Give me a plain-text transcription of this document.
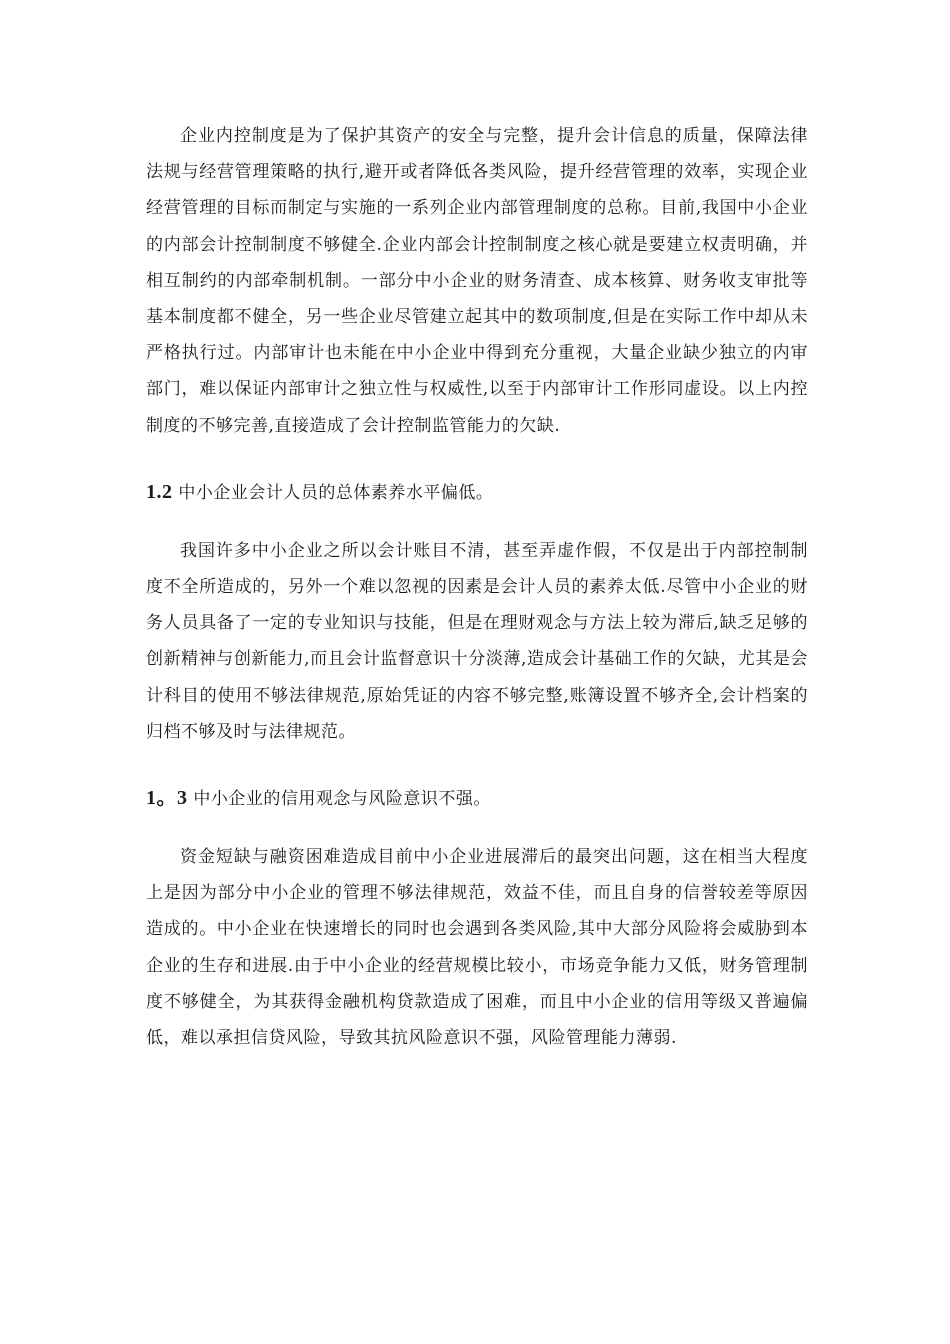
企业内控制度是为了保护其资产的安全与完整，提升会计信息的质量，保障法律法规与经营管理策略的执行,避开或者降低各类风险，提升经营管理的效率，实现企业经营管理的目标而制定与实施的一系列企业内部管理制度的总称。目前,我国中小企业的内部会计控制制度不够健全.企业内部会计控制制度之核心就是要建立权责明确，并相互制约的内部牵制机制。一部分中小企业的财务清查、成本核算、财务收支审批等基本制度都不健全，另一些企业尽管建立起其中的数项制度,但是在实际工作中却从未严格执行过。内部审计也未能在中小企业中得到充分重视，大量企业缺少独立的内审部门，难以保证内部审计之独立性与权威性,以至于内部审计工作形同虚设。以上内控制度的不够完善,直接造成了会计控制监管能力的欠缺.

1.2 中小企业会计人员的总体素养水平偏低。

我国许多中小企业之所以会计账目不清，甚至弄虚作假，不仅是出于内部控制制度不全所造成的，另外一个难以忽视的因素是会计人员的素养太低.尽管中小企业的财务人员具备了一定的专业知识与技能，但是在理财观念与方法上较为滞后,缺乏足够的创新精神与创新能力,而且会计监督意识十分淡薄,造成会计基础工作的欠缺，尤其是会计科目的使用不够法律规范,原始凭证的内容不够完整,账簿设置不够齐全,会计档案的归档不够及时与法律规范。

1。3 中小企业的信用观念与风险意识不强。

资金短缺与融资困难造成目前中小企业进展滞后的最突出问题，这在相当大程度上是因为部分中小企业的管理不够法律规范，效益不佳，而且自身的信誉较差等原因造成的。中小企业在快速增长的同时也会遇到各类风险,其中大部分风险将会威胁到本企业的生存和进展.由于中小企业的经营规模比较小，市场竞争能力又低，财务管理制度不够健全，为其获得金融机构贷款造成了困难，而且中小企业的信用等级又普遍偏低，难以承担信贷风险，导致其抗风险意识不强，风险管理能力薄弱.
